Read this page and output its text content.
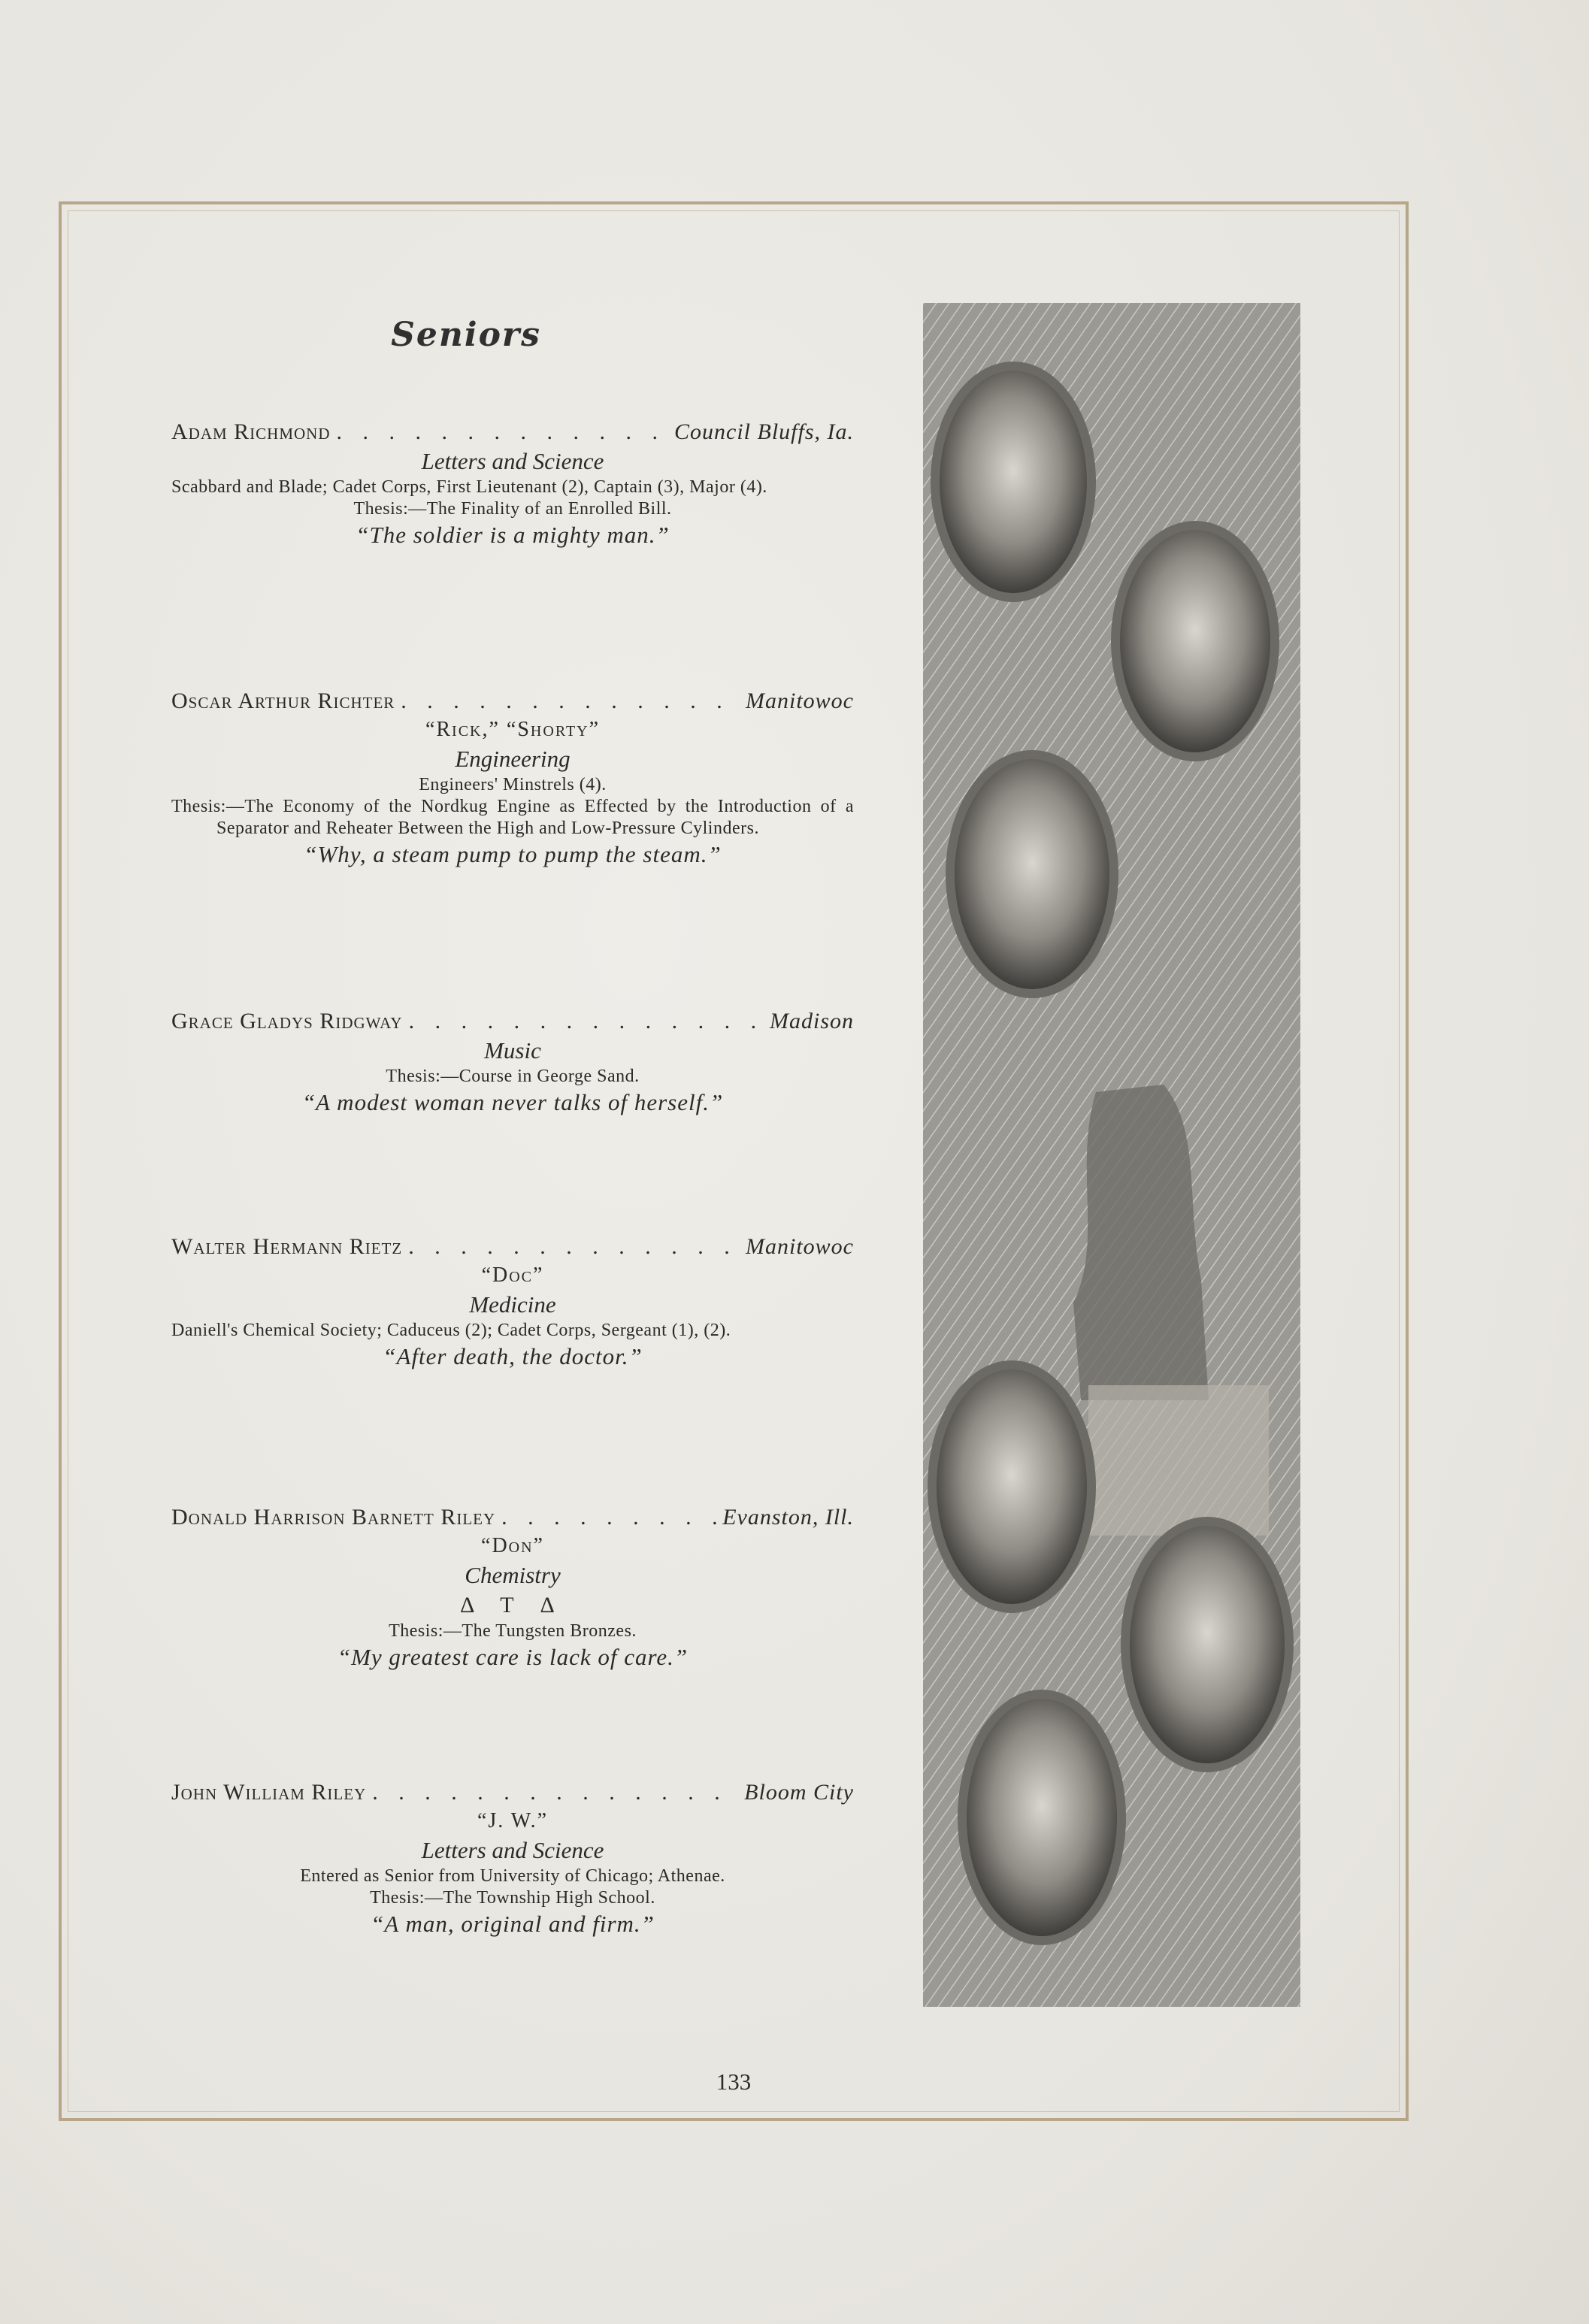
Seniors
Adam Richmond . . .	Council Bluffs, Ia.
Letters and Science
Scabbard and Blade; Cadet Corps, First Lieutenant (2), Captain (3), Major (4).
Thesis:—The Finality of an Enrolled Bill.
“The soldier is a mighty man.”
Oscar Arthur Richter . . .	Manitowoc
“Rick,” “Shorty”
Engineering
Engineers' Minstrels (4).
Thesis:—The Economy of the Nordkug Engine as Effected by the Introduction of a Separator and Reheater Between the High and Low-Pressure Cylinders.
“Why, a steam pump to pump the steam.”
Grace Gladys Ridgway . . .	Madison
Music
Thesis:—Course in George Sand.
“A modest woman never talks of herself.”
Walter Hermann Rietz . . .	Manitowoc
“Doc”
Medicine
Daniell's Chemical Society; Caduceus (2); Cadet Corps, Sergeant (1), (2).
“After death, the doctor.”
Donald Harrison Barnett Riley . . .	Evanston, Ill.
“Don”
Chemistry
Δ T Δ
Thesis:—The Tungsten Bronzes.
“My greatest care is lack of care.”
John William Riley . . .	Bloom City
“J. W.”
Letters and Science
Entered as Senior from University of Chicago; Athenae.
Thesis:—The Township High School.
“A man, original and firm.”
133
